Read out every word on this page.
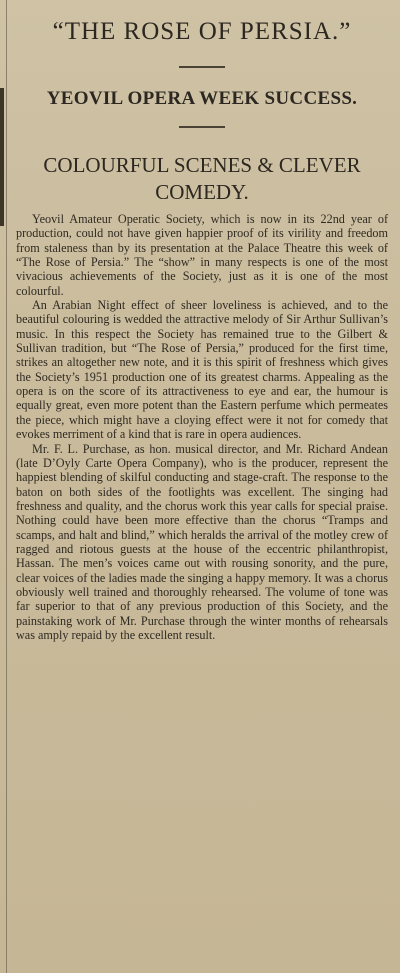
“THE ROSE OF PERSIA.”
YEOVIL OPERA WEEK SUCCESS.
COLOURFUL SCENES & CLEVER COMEDY.

Yeovil Amateur Operatic Society, which is now in its 22nd year of production, could not have given happier proof of its virility and freedom from staleness than by its presentation at the Palace Theatre this week of “The Rose of Persia.” The “show” in many respects is one of the most vivacious achievements of the Society, just as it is one of the most colourful.

An Arabian Night effect of sheer loveliness is achieved, and to the beautiful colouring is wedded the attractive melody of Sir Arthur Sullivan’s music. In this respect the Society has remained true to the Gilbert & Sullivan tradition, but “The Rose of Persia,” produced for the first time, strikes an altogether new note, and it is this spirit of freshness which gives the Society’s 1951 production one of its greatest charms. Appealing as the opera is on the score of its attractiveness to eye and ear, the humour is equally great, even more potent than the Eastern perfume which permeates the piece, which might have a cloying effect were it not for comedy that evokes merriment of a kind that is rare in opera audiences.

Mr. F. L. Purchase, as hon. musical director, and Mr. Richard Andean (late D’Oyly Carte Opera Company), who is the producer, represent the happiest blending of skilful conducting and stage-craft. The response to the baton on both sides of the footlights was excellent. The singing had freshness and quality, and the chorus work this year calls for special praise. Nothing could have been more effective than the chorus “Tramps and scamps, and halt and blind,” which heralds the arrival of the motley crew of ragged and riotous guests at the house of the eccentric philanthropist, Hassan. The men’s voices came out with rousing sonority, and the pure, clear voices of the ladies made the singing a happy memory. It was a chorus obviously well trained and thoroughly rehearsed. The volume of tone was far superior to that of any previous production of this Society, and the painstaking work of Mr. Purchase through the winter months of rehearsals was amply repaid by the excellent result.
